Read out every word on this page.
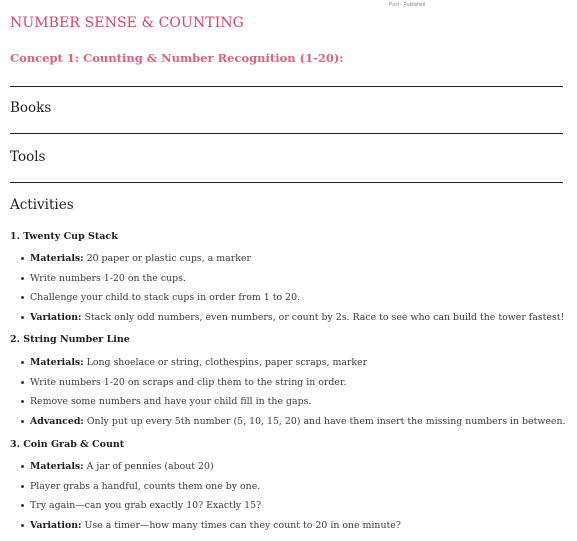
Post - Published
NUMBER SENSE & COUNTING
Concept 1: Counting & Number Recognition (1-20):
Books
Tools
Activities
1. Twenty Cup Stack
Materials: 20 paper or plastic cups, a marker
Write numbers 1-20 on the cups.
Challenge your child to stack cups in order from 1 to 20.
Variation: Stack only odd numbers, even numbers, or count by 2s. Race to see who can build the tower fastest!
2. String Number Line
Materials: Long shoelace or string, clothespins, paper scraps, marker
Write numbers 1-20 on scraps and clip them to the string in order.
Remove some numbers and have your child fill in the gaps.
Advanced: Only put up every 5th number (5, 10, 15, 20) and have them insert the missing numbers in between.
3. Coin Grab & Count
Materials: A jar of pennies (about 20)
Player grabs a handful, counts them one by one.
Try again—can you grab exactly 10? Exactly 15?
Variation: Use a timer—how many times can they count to 20 in one minute?
